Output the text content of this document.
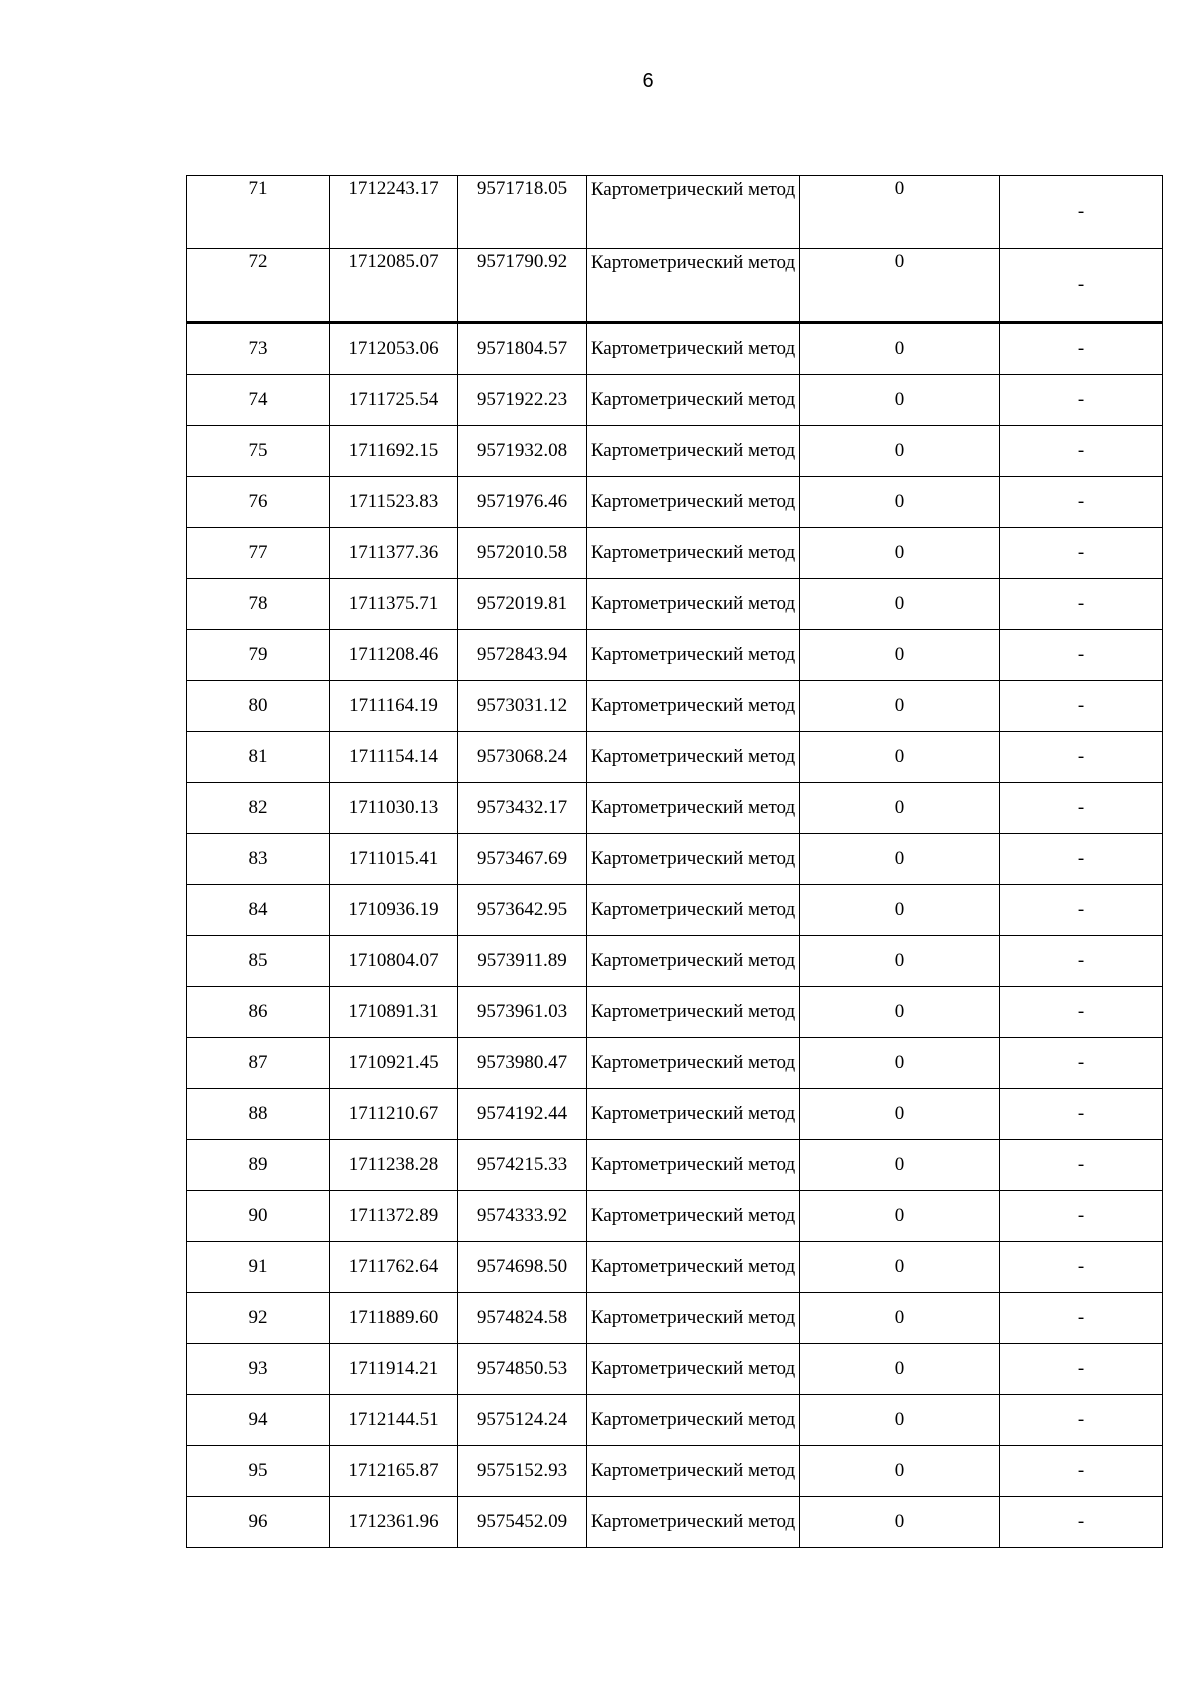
6
71	1712243.17	9571718.05	Картометрический метод	0	-
72	1712085.07	9571790.92	Картометрический метод	0	-
73	1712053.06	9571804.57	Картометрический метод	0	-
74	1711725.54	9571922.23	Картометрический метод	0	-
75	1711692.15	9571932.08	Картометрический метод	0	-
76	1711523.83	9571976.46	Картометрический метод	0	-
77	1711377.36	9572010.58	Картометрический метод	0	-
78	1711375.71	9572019.81	Картометрический метод	0	-
79	1711208.46	9572843.94	Картометрический метод	0	-
80	1711164.19	9573031.12	Картометрический метод	0	-
81	1711154.14	9573068.24	Картометрический метод	0	-
82	1711030.13	9573432.17	Картометрический метод	0	-
83	1711015.41	9573467.69	Картометрический метод	0	-
84	1710936.19	9573642.95	Картометрический метод	0	-
85	1710804.07	9573911.89	Картометрический метод	0	-
86	1710891.31	9573961.03	Картометрический метод	0	-
87	1710921.45	9573980.47	Картометрический метод	0	-
88	1711210.67	9574192.44	Картометрический метод	0	-
89	1711238.28	9574215.33	Картометрический метод	0	-
90	1711372.89	9574333.92	Картометрический метод	0	-
91	1711762.64	9574698.50	Картометрический метод	0	-
92	1711889.60	9574824.58	Картометрический метод	0	-
93	1711914.21	9574850.53	Картометрический метод	0	-
94	1712144.51	9575124.24	Картометрический метод	0	-
95	1712165.87	9575152.93	Картометрический метод	0	-
96	1712361.96	9575452.09	Картометрический метод	0	-
